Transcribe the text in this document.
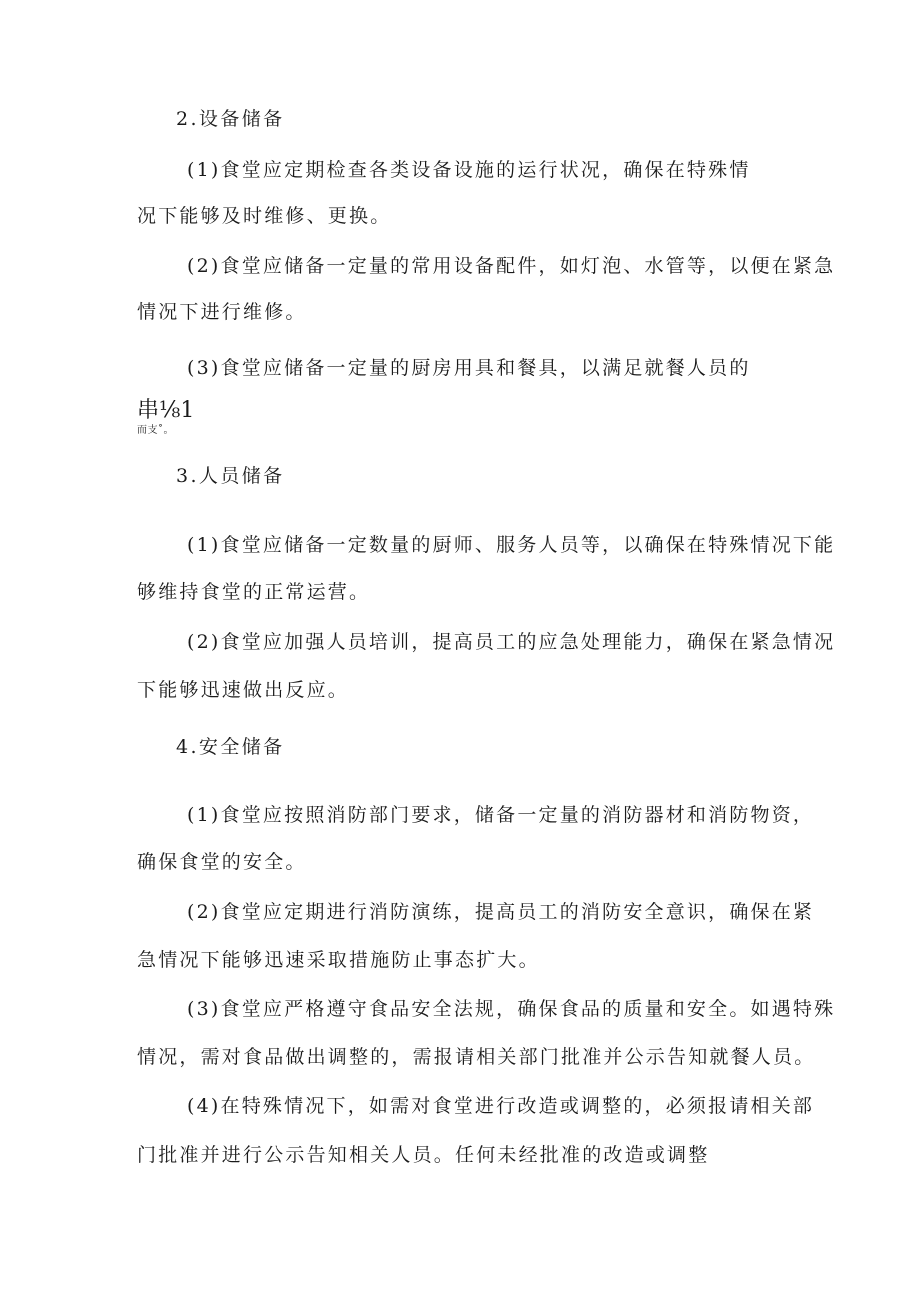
2.设备储备
(1)食堂应定期检查各类设备设施的运行状况，确保在特殊情
况下能够及时维修、更换。
(2)食堂应储备一定量的常用设备配件，如灯泡、水管等，以便在紧急
情况下进行维修。
(3)食堂应储备一定量的厨房用具和餐具，以满足就餐人员的
串⅛1
而支˚。
3.人员储备
(1)食堂应储备一定数量的厨师、服务人员等，以确保在特殊情况下能
够维持食堂的正常运营。
(2)食堂应加强人员培训，提高员工的应急处理能力，确保在紧急情况
下能够迅速做出反应。
4.安全储备
(1)食堂应按照消防部门要求，储备一定量的消防器材和消防物资，
确保食堂的安全。
(2)食堂应定期进行消防演练，提高员工的消防安全意识，确保在紧
急情况下能够迅速采取措施防止事态扩大。
(3)食堂应严格遵守食品安全法规，确保食品的质量和安全。如遇特殊
情况，需对食品做出调整的，需报请相关部门批准并公示告知就餐人员。
(4)在特殊情况下，如需对食堂进行改造或调整的，必须报请相关部
门批准并进行公示告知相关人员。任何未经批准的改造或调整
